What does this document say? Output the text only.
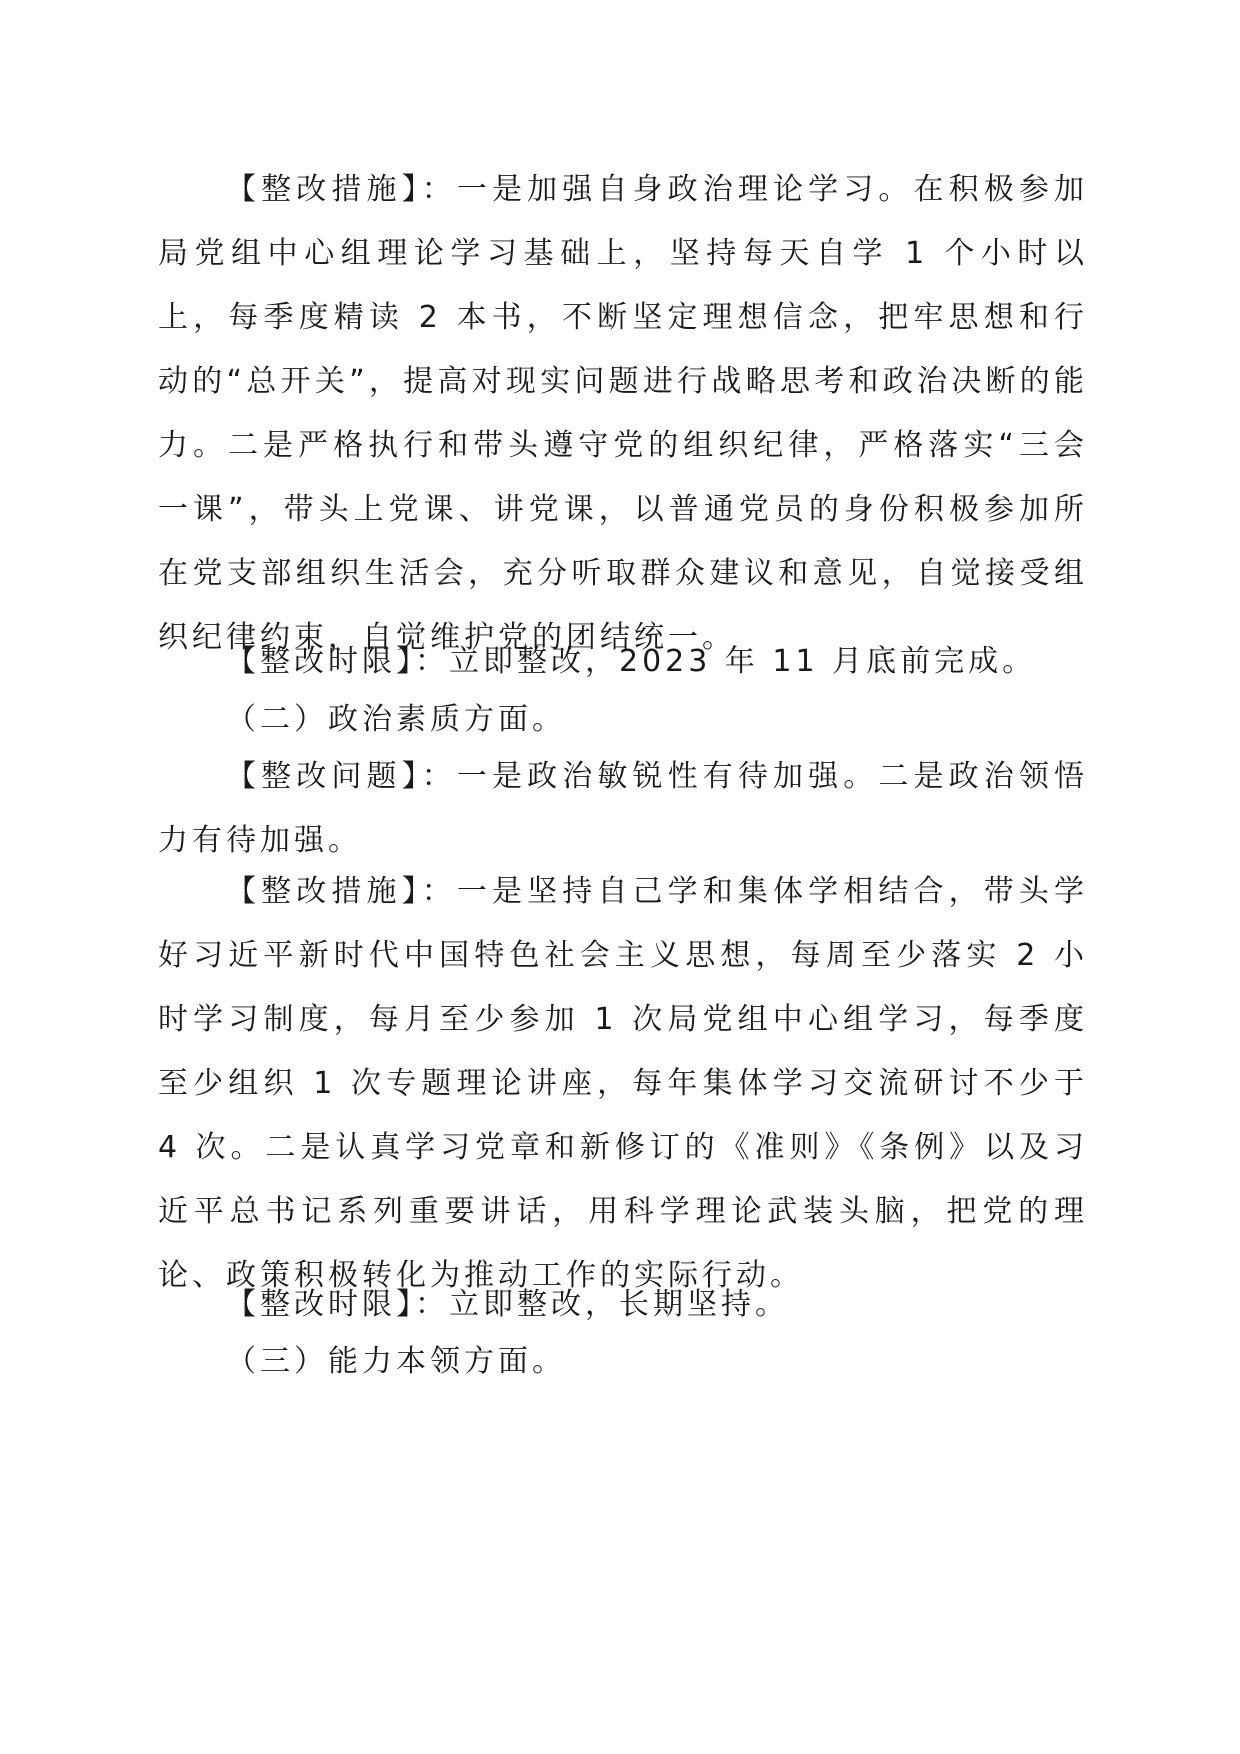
【整改措施】：一是加强自身政治理论学习。在积极参加局党组中心组理论学习基础上，坚持每天自学 1 个小时以上，每季度精读 2 本书，不断坚定理想信念，把牢思想和行动的“总开关”，提高对现实问题进行战略思考和政治决断的能力。二是严格执行和带头遵守党的组织纪律，严格落实“三会一课”，带头上党课、讲党课，以普通党员的身份积极参加所在党支部组织生活会，充分听取群众建议和意见，自觉接受组织纪律约束，自觉维护党的团结统一。
【整改时限】：立即整改，2023 年 11 月底前完成。
（二）政治素质方面。
【整改问题】：一是政治敏锐性有待加强。二是政治领悟力有待加强。
【整改措施】：一是坚持自己学和集体学相结合，带头学好习近平新时代中国特色社会主义思想，每周至少落实 2 小时学习制度，每月至少参加 1 次局党组中心组学习，每季度至少组织 1 次专题理论讲座，每年集体学习交流研讨不少于 4 次。二是认真学习党章和新修订的《准则》《条例》以及习近平总书记系列重要讲话，用科学理论武装头脑，把党的理论、政策积极转化为推动工作的实际行动。
【整改时限】：立即整改，长期坚持。
（三）能力本领方面。
